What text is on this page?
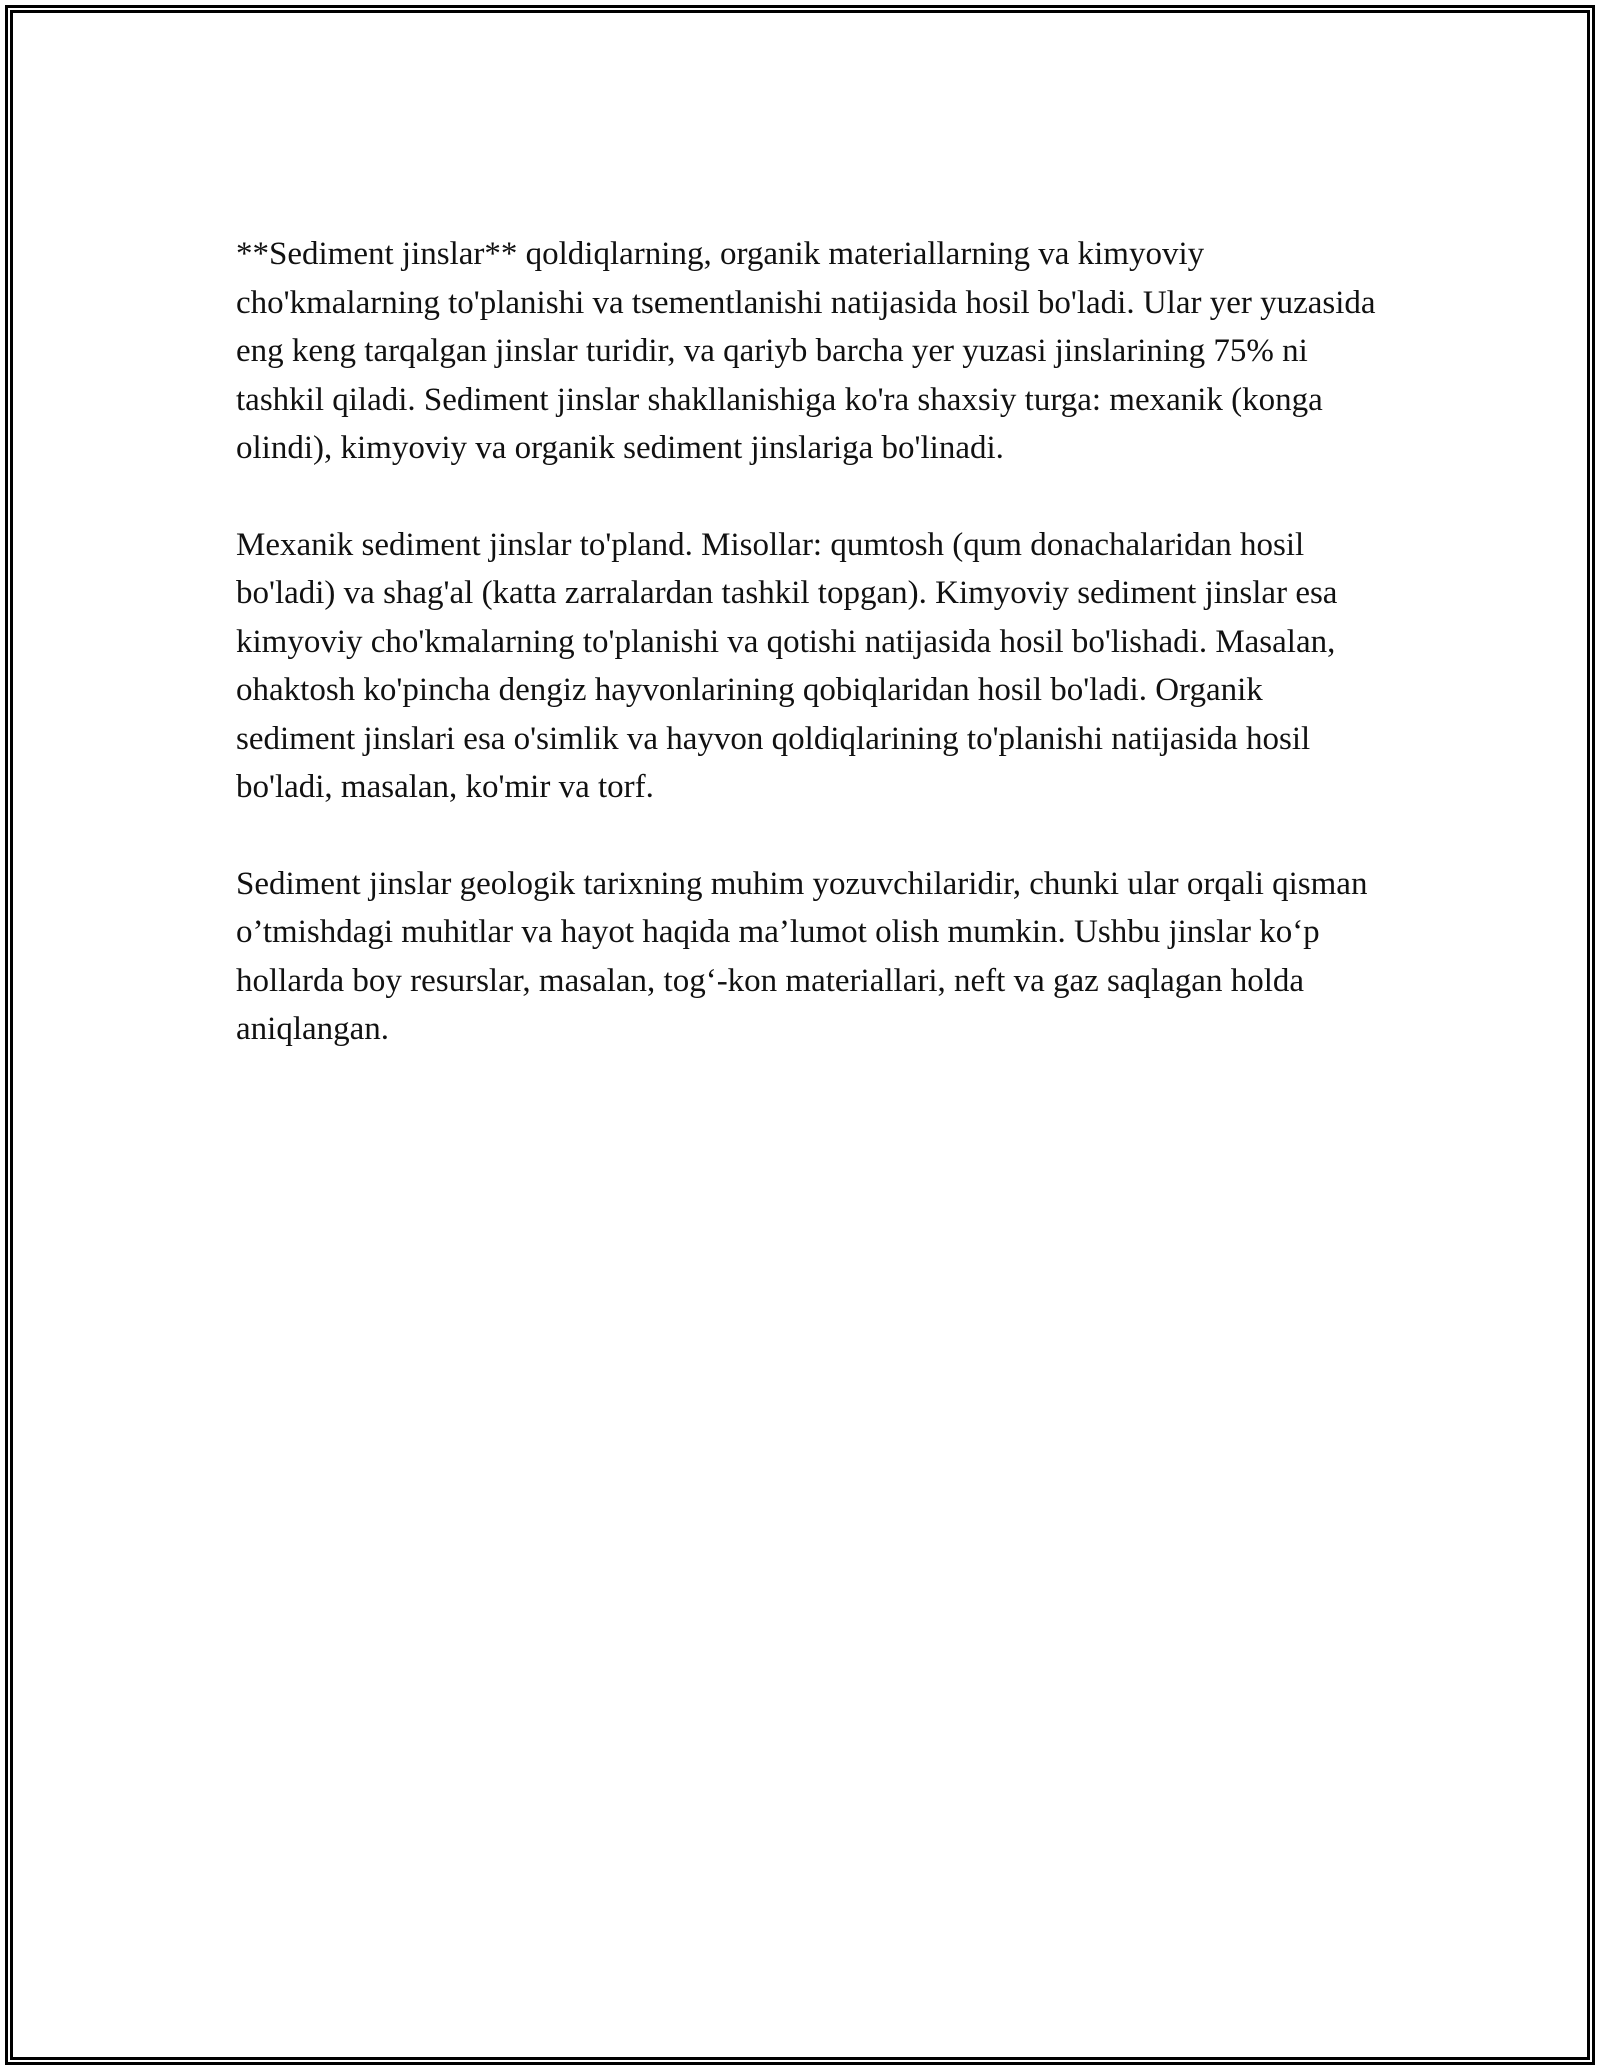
**Sediment jinslar** qoldiqlarning, organik materiallarning va kimyoviy cho'kmalarning to'planishi va tsementlanishi natijasida hosil bo'ladi. Ular yer yuzasida eng keng tarqalgan jinslar turidir, va qariyb barcha yer yuzasi jinslarining 75% ni tashkil qiladi. Sediment jinslar shakllanishiga ko'ra shaxsiy turga: mexanik (konga olindi), kimyoviy va organik sediment jinslariga bo'linadi.

Mexanik sediment jinslar to'pland. Misollar: qumtosh (qum donachalaridan hosil bo'ladi) va shag'al (katta zarralardan tashkil topgan). Kimyoviy sediment jinslar esa kimyoviy cho'kmalarning to'planishi va qotishi natijasida hosil bo'lishadi. Masalan, ohaktosh ko'pincha dengiz hayvonlarining qobiqlaridan hosil bo'ladi. Organik sediment jinslari esa o'simlik va hayvon qoldiqlarining to'planishi natijasida hosil bo'ladi, masalan, ko'mir va torf.

Sediment jinslar geologik tarixning muhim yozuvchilaridir, chunki ular orqali qisman o’tmishdagi muhitlar va hayot haqida ma’lumot olish mumkin. Ushbu jinslar ko‘p hollarda boy resurslar, masalan, tog‘-kon materiallari, neft va gaz saqlagan holda aniqlangan.
